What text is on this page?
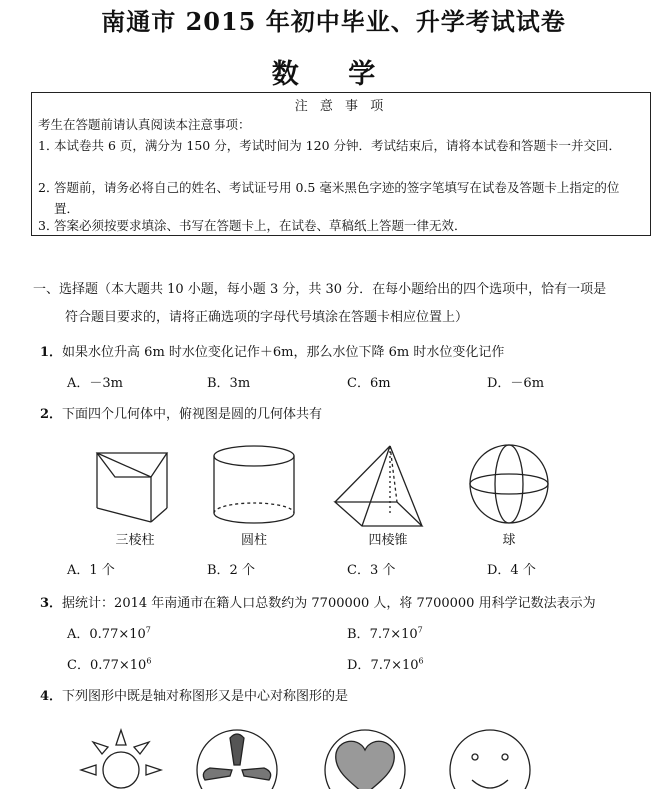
南通市 2015 年初中毕业、升学考试试卷
数 学
注 意 事 项
考生在答题前请认真阅读本注意事项：
1．本试卷共 6 页，满分为 150 分，考试时间为 120 分钟．考试结束后，请将本试卷和答题卡一并交回．
2．答题前，请务必将自己的姓名、考试证号用 0.5 毫米黑色字迹的签字笔填写在试卷及答题卡上指定的位置．
3．答案必须按要求填涂、书写在答题卡上，在试卷、草稿纸上答题一律无效．
一、选择题（本大题共 10 小题，每小题 3 分，共 30 分．在每小题给出的四个选项中，恰有一项是
符合题目要求的，请将正确选项的字母代号填涂在答题卡相应位置上）
1．如果水位升高 6m 时水位变化记作＋6m，那么水位下降 6m 时水位变化记作
A．－3m	B．3m	C．6m	D．－6m
2．下面四个几何体中，俯视图是圆的几何体共有
三棱柱	圆柱	四棱锥	球
A．1 个	B．2 个	C．3 个	D．4 个
3．据统计：2014 年南通市在籍人口总数约为 7700000 人，将 7700000 用科学记数法表示为
A．$0.77\times 10^7$	B．$7.7\times 10^7$
C．$0.77\times 10^6$	D．$7.7\times 10^6$
4．下列图形中既是轴对称图形又是中心对称图形的是
